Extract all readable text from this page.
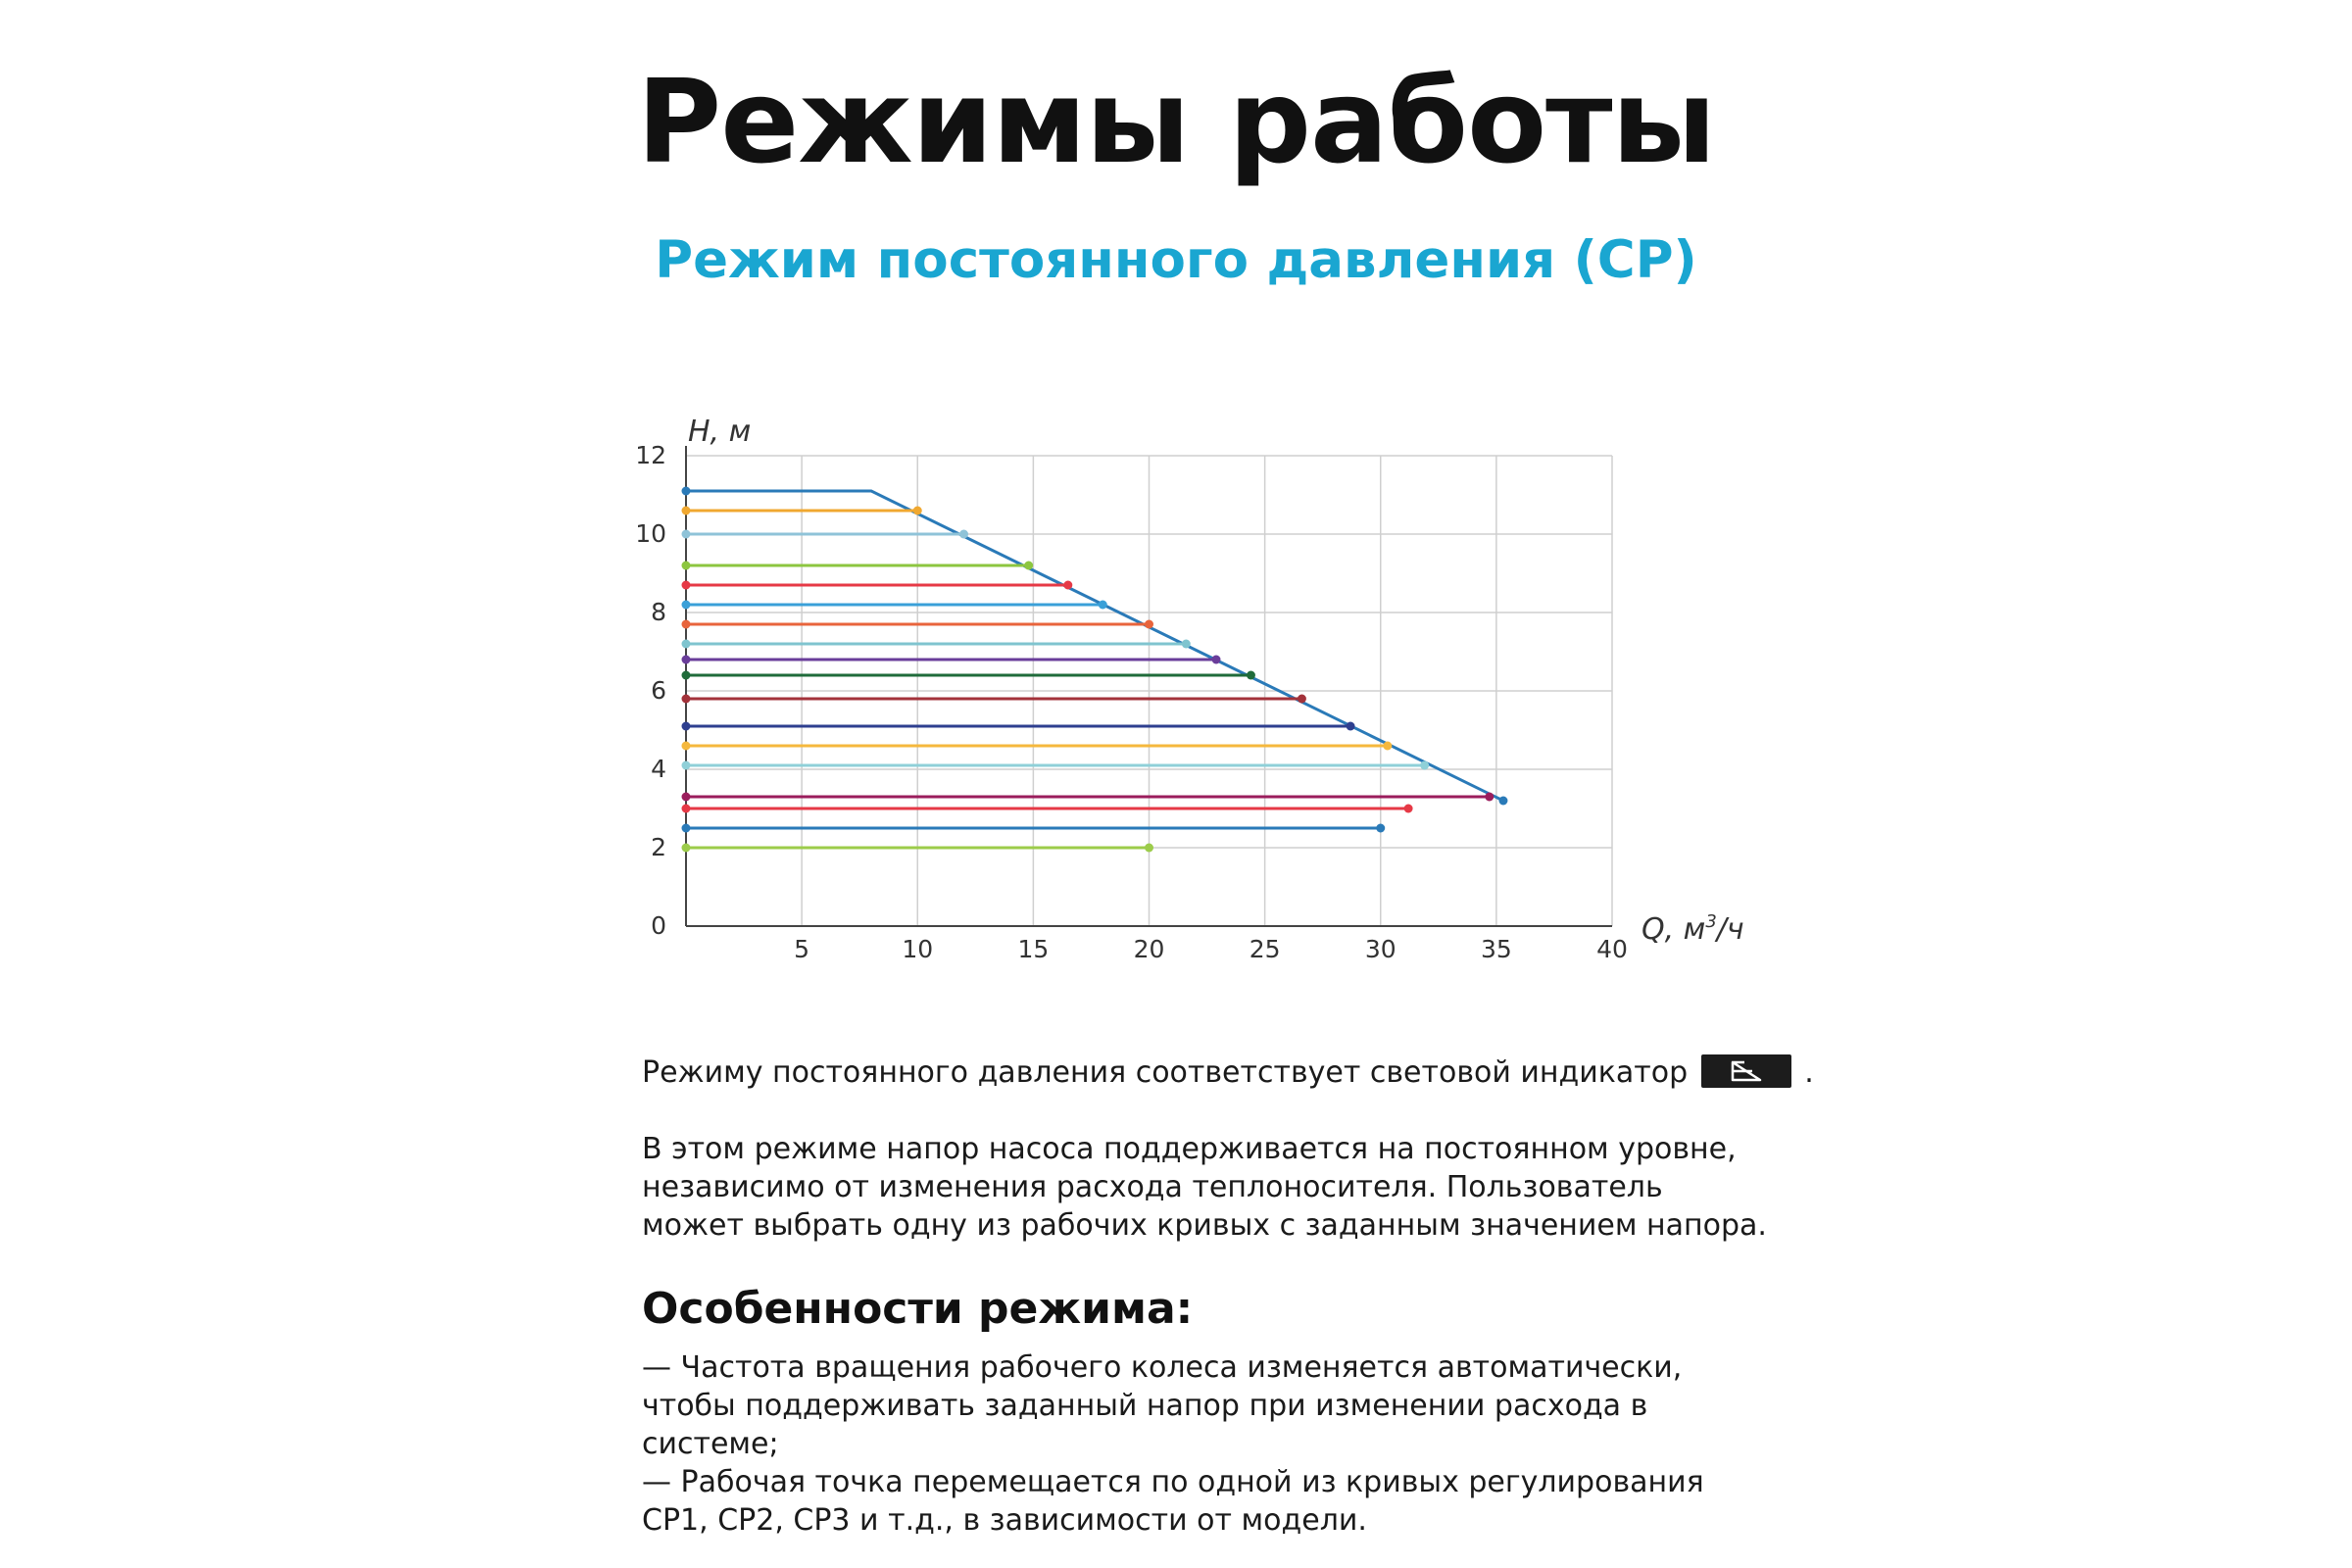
Режимы работы
Режим постоянного давления (CP)
5	10	15	20	25	30	35	40
0
2
4
6
8
10
12
H, м
Q, $м^3/ч$

Режиму постоянного давления соответствует световой индикатор	.

В этом режиме напор насоса поддерживается на постоянном уровне, независимо от изменения расхода теплоносителя. Пользователь может выбрать одну из рабочих кривых с заданным значением напора.

Особенности режима:

— Частота вращения рабочего колеса изменяется автоматически, чтобы поддерживать заданный напор при изменении расхода в системе;

— Рабочая точка перемещается по одной из кривых регулирования CP1, CP2, CP3 и т.д., в зависимости от модели.
